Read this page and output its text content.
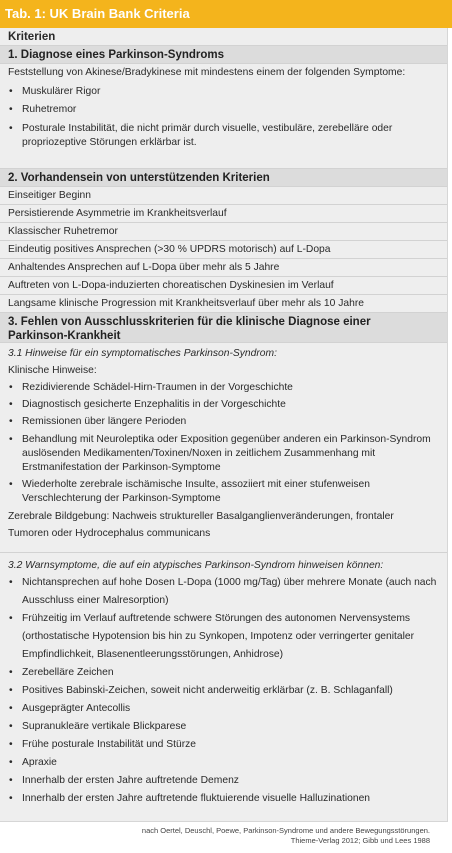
Tab. 1: UK Brain Bank Criteria
Kriterien
1. Diagnose eines Parkinson-Syndroms
Feststellung von Akinese/Bradykinese mit mindestens einem der folgenden Symptome:
• Muskulärer Rigor
• Ruhetremor
• Posturale Instabilität, die nicht primär durch visuelle, vestibuläre, zerebelläre oder propriozeptive Störungen erklärbar ist.
2. Vorhandensein von unterstützenden Kriterien
Einseitiger Beginn
Persistierende Asymmetrie im Krankheitsverlauf
Klassischer Ruhetremor
Eindeutig positives Ansprechen (>30 % UPDRS motorisch) auf L-Dopa
Anhaltendes Ansprechen auf L-Dopa über mehr als 5 Jahre
Auftreten von L-Dopa-induzierten choreatischen Dyskinesien im Verlauf
Langsame klinische Progression mit Krankheitsverlauf über mehr als 10 Jahre
3. Fehlen von Ausschlusskriterien für die klinische Diagnose einer
Parkinson-Krankheit
3.1 Hinweise für ein symptomatisches Parkinson-Syndrom:
Klinische Hinweise:
• Rezidivierende Schädel-Hirn-Traumen in der Vorgeschichte
• Diagnostisch gesicherte Enzephalitis in der Vorgeschichte
• Remissionen über längere Perioden
• Behandlung mit Neuroleptika oder Exposition gegenüber anderen ein Parkinson-Syndrom auslösenden Medikamenten/Toxinen/Noxen in zeitlichem Zusammenhang mit Erstmanifestation der Parkinson-Symptome
• Wiederholte zerebrale ischämische Insulte, assoziiert mit einer stufenweisen Verschlechterung der Parkinson-Symptome
Zerebrale Bildgebung: Nachweis struktureller Basalganglienveränderungen, frontaler
Tumoren oder Hydrocephalus communicans
3.2 Warnsymptome, die auf ein atypisches Parkinson-Syndrom hinweisen können:
• Nichtansprechen auf hohe Dosen L-Dopa (1000 mg/Tag) über mehrere Monate (auch nach Ausschluss einer Malresorption)
• Frühzeitig im Verlauf auftretende schwere Störungen des autonomen Nervensystems (orthostatische Hypotension bis hin zu Synkopen, Impotenz oder verringerter genitaler Empfindlichkeit, Blasenentleerungsstörungen, Anhidrose)
• Zerebelläre Zeichen
• Positives Babinski-Zeichen, soweit nicht anderweitig erklärbar (z. B. Schlaganfall)
• Ausgeprägter Antecollis
• Supranukleäre vertikale Blickparese
• Frühe posturale Instabilität und Stürze
• Apraxie
• Innerhalb der ersten Jahre auftretende Demenz
• Innerhalb der ersten Jahre auftretende fluktuierende visuelle Halluzinationen
nach Oertel, Deuschl, Poewe, Parkinson-Syndrome und andere Bewegungsstörungen.
Thieme-Verlag 2012; Gibb und Lees 1988
